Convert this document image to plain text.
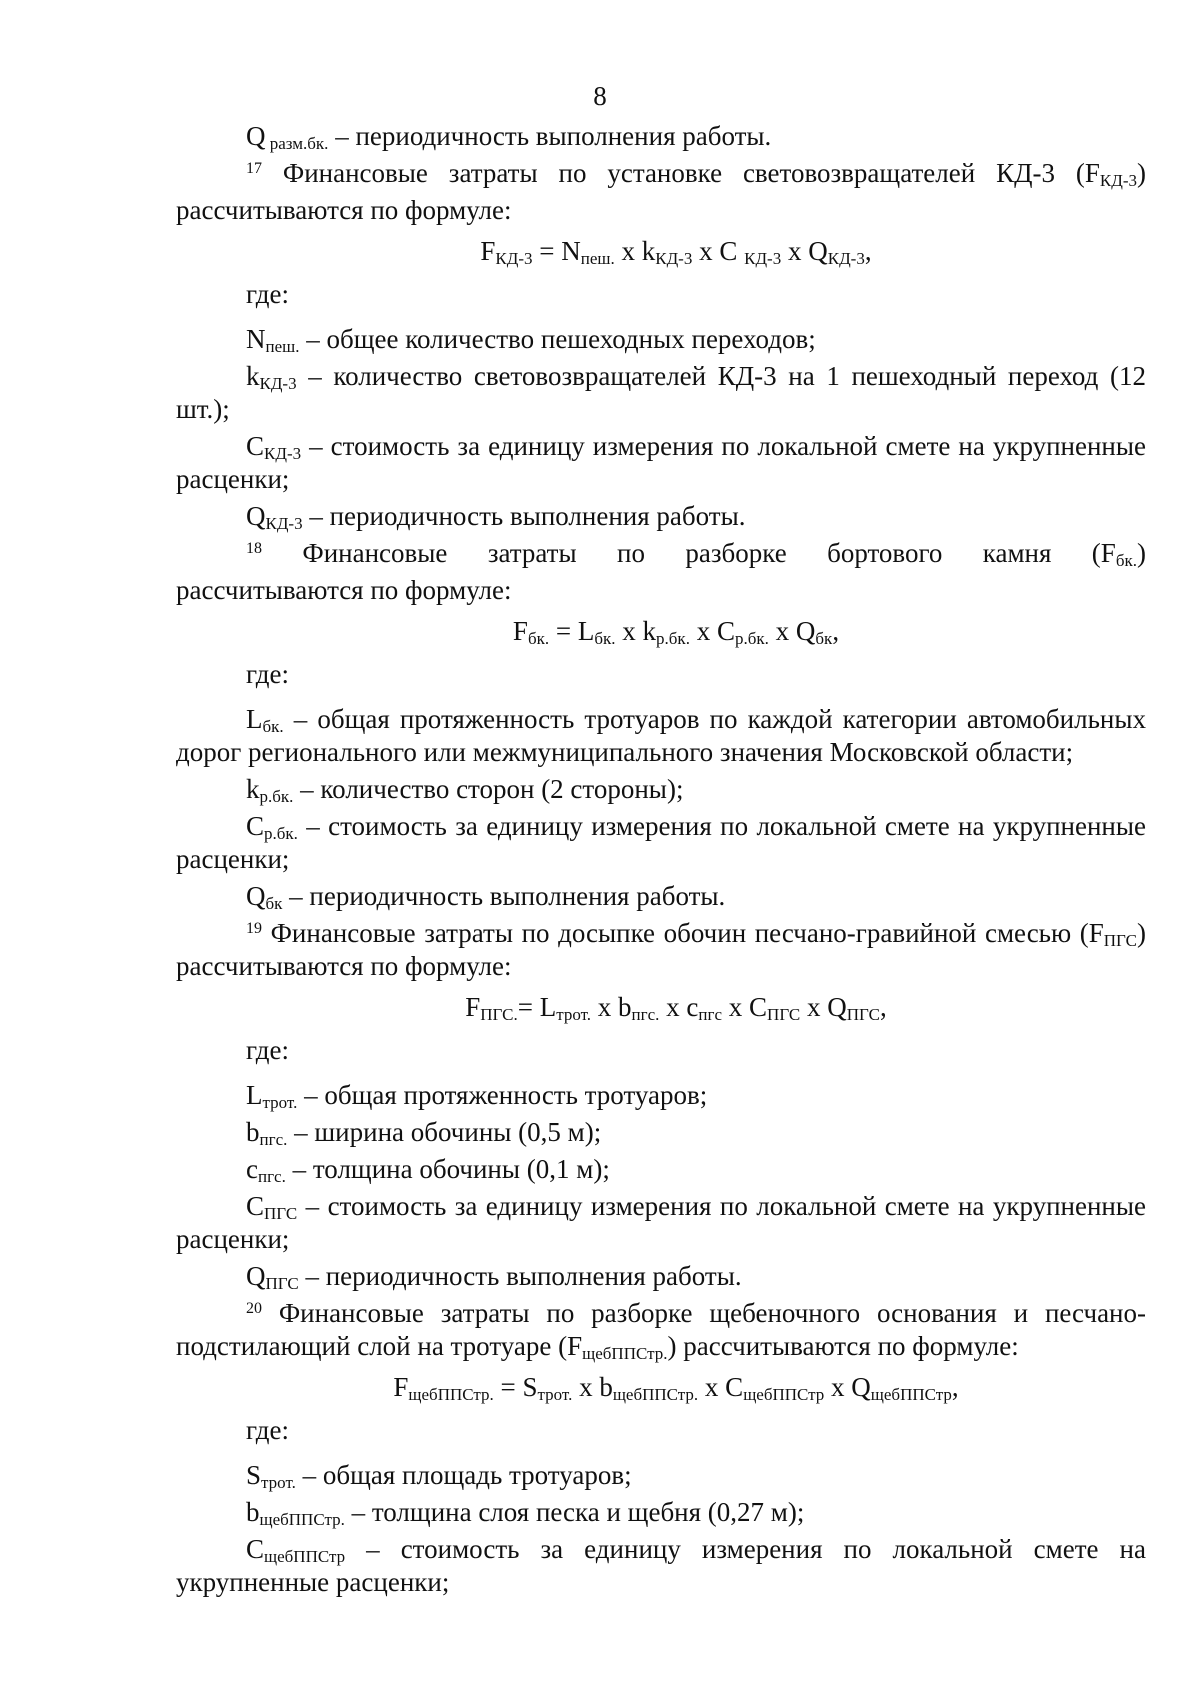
8
Q $_{разм.бк.}$ – периодичность выполнения работы.
$^{17}$ Финансовые затраты по установке световозвращателей КД-3 $(F_{КД-3})$
рассчитываются по формуле:
$F_{КД-3} = N_{пеш.}$ x $k_{КД-3}$ x C $_{КД-3}$ x $Q_{КД-3}$,
где:
$N_{пеш.}$ – общее количество пешеходных переходов;
$k_{КД-3}$ – количество световозвращателей КД-3 на 1 пешеходный переход (12 шт.);
$C_{КД-3}$ – стоимость за единицу измерения по локальной смете на укрупненные расценки;
$Q_{КД-3}$ – периодичность выполнения работы.
$^{18}$ Финансовые затраты по разборке бортового камня $(F_{бк.})$
рассчитываются по формуле:
$F_{бк.} = L_{бк.}$ x $k_{р.бк.}$ x $C_{р.бк.}$ x $Q_{бк}$,
где:
$L_{бк.}$ – общая протяженность тротуаров по каждой категории автомобильных дорог регионального или межмуниципального значения Московской области;
$k_{р.бк.}$ – количество сторон (2 стороны);
$C_{р.бк.}$ – стоимость за единицу измерения по локальной смете на укрупненные расценки;
$Q_{бк}$ – периодичность выполнения работы.
$^{19}$ Финансовые затраты по досыпке обочин песчано-гравийной смесью $(F_{ПГС})$ рассчитываются по формуле:
$F_{ПГС.}= L_{трот.}$ x $b_{пгс.}$ x $c_{пгс}$ x $C_{ПГС}$ x $Q_{ПГС}$,
где:
$L_{трот.}$ – общая протяженность тротуаров;
$b_{пгс.}$ – ширина обочины (0,5 м);
$c_{пгс.}$ – толщина обочины (0,1 м);
$C_{ПГС}$ – стоимость за единицу измерения по локальной смете на укрупненные расценки;
$Q_{ПГС}$ – периодичность выполнения работы.
$^{20}$ Финансовые затраты по разборке щебеночного основания и песчано-подстилающий слой на тротуаре $(F_{щебППСтр.})$ рассчитываются по формуле:
$F_{щебППСтр.} = S_{трот.}$ x $b_{щебППСтр.}$ x $C_{щебППСтр}$ x $Q_{щебППСтр}$,
где:
$S_{трот.}$ – общая площадь тротуаров;
$b_{щебППСтр.}$ – толщина слоя песка и щебня (0,27 м);
$C_{щебППСтр}$ – стоимость за единицу измерения по локальной смете на укрупненные расценки;
